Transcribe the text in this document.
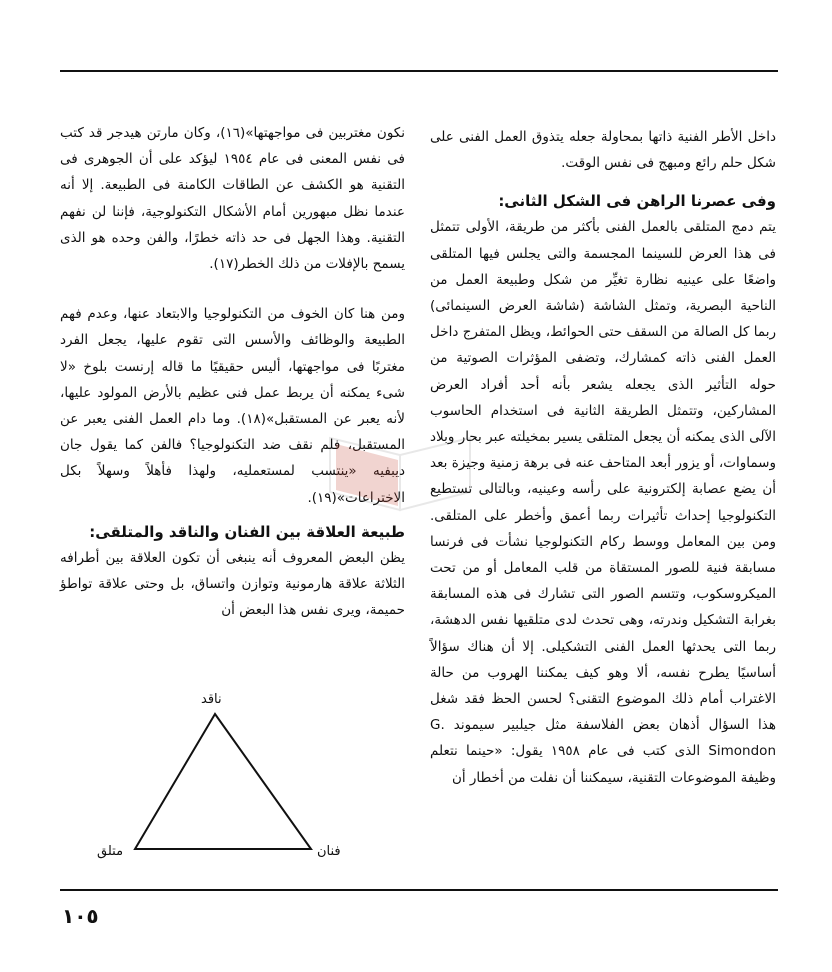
داخل الأطر الفنية ذاتها بمحاولة جعله يتذوق العمل الفنى على شكل حلم رائع ومبهج فى نفس الوقت.

وفى عصرنا الراهن فى الشكل الثانى:

يتم دمج المتلقى بالعمل الفنى بأكثر من طريقة، الأولى تتمثل فى هذا العرض للسينما المجسمة والتى يجلس فيها المتلقى واضعًا على عينيه نظارة تغيِّر من شكل وطبيعة العمل من الناحية البصرية، وتمثل الشاشة (شاشة العرض السينمائى) ربما كل الصالة من السقف حتى الحوائط، ويظل المتفرج داخل العمل الفنى ذاته كمشارك، وتضفى المؤثرات الصوتية من حوله التأثير الذى يجعله يشعر بأنه أحد أفراد العرض المشاركين، وتتمثل الطريقة الثانية فى استخدام الحاسوب الآلى الذى يمكنه أن يجعل المتلقى يسير بمخيلته عبر بحار وبلاد وسماوات، أو يزور أبعد المتاحف عنه فى برهة زمنية وجيزة بعد أن يضع عصابة إلكترونية على رأسه وعينيه، وبالتالى تستطيع التكنولوجيا إحداث تأثيرات ربما أعمق وأخطر على المتلقى. ومن بين المعامل ووسط ركام التكنولوجيا نشأت فى فرنسا مسابقة فنية للصور المستقاة من قلب المعامل أو من تحت الميكروسكوب، وتتسم الصور التى تشارك فى هذه المسابقة بغرابة التشكيل وندرته، وهى تحدث لدى متلقيها نفس الدهشة، ربما التى يحدثها العمل الفنى التشكيلى. إلا أن هناك سؤالاً أساسيًا يطرح نفسه، ألا وهو كيف يمكننا الهروب من حالة الاغتراب أمام ذلك الموضوع التقنى؟ لحسن الحظ فقد شغل هذا السؤال أذهان بعض الفلاسفة مثل جيلبير سيموند G. Simondon الذى كتب فى عام ١٩٥٨ يقول: «حينما نتعلم وظيفة الموضوعات التقنية، سيمكننا أن نفلت من أخطار أن

نكون مغتربين فى مواجهتها»(١٦)، وكان مارتن هيدجر قد كتب فى نفس المعنى فى عام ١٩٥٤ ليؤكد على أن الجوهرى فى التقنية هو الكشف عن الطاقات الكامنة فى الطبيعة. إلا أنه عندما نظل مبهورين أمام الأشكال التكنولوجية، فإننا لن نفهم التقنية. وهذا الجهل فى حد ذاته خطرًا، والفن وحده هو الذى يسمح بالإفلات من ذلك الخطر(١٧).

ومن هنا كان الخوف من التكنولوجيا والابتعاد عنها، وعدم فهم الطبيعة والوظائف والأسس التى تقوم عليها، يجعل الفرد مغتربًا فى مواجهتها، أليس حقيقيًا ما قاله إرنست بلوخ «لا شىء يمكنه أن يربط عمل فنى عظيم بالأرض المولود عليها، لأنه يعبر عن المستقبل»(١٨). وما دام العمل الفنى يعبر عن المستقبل، فلم نقف ضد التكنولوجيا؟ فالفن كما يقول جان ديبفيه «ينتسب لمستعمليه، ولهذا فأهلاً وسهلاً بكل الاختراعات»(١٩).

طبيعة العلاقة بين الفنان والناقد والمتلقى:

يظن البعض المعروف أنه ينبغى أن تكون العلاقة بين أطرافه الثلاثة علاقة هارمونية وتوازن واتساق، بل وحتى علاقة تواطؤ حميمة، ويرى نفس هذا البعض أن

ناقد
متلق	فنان
١٠٥
